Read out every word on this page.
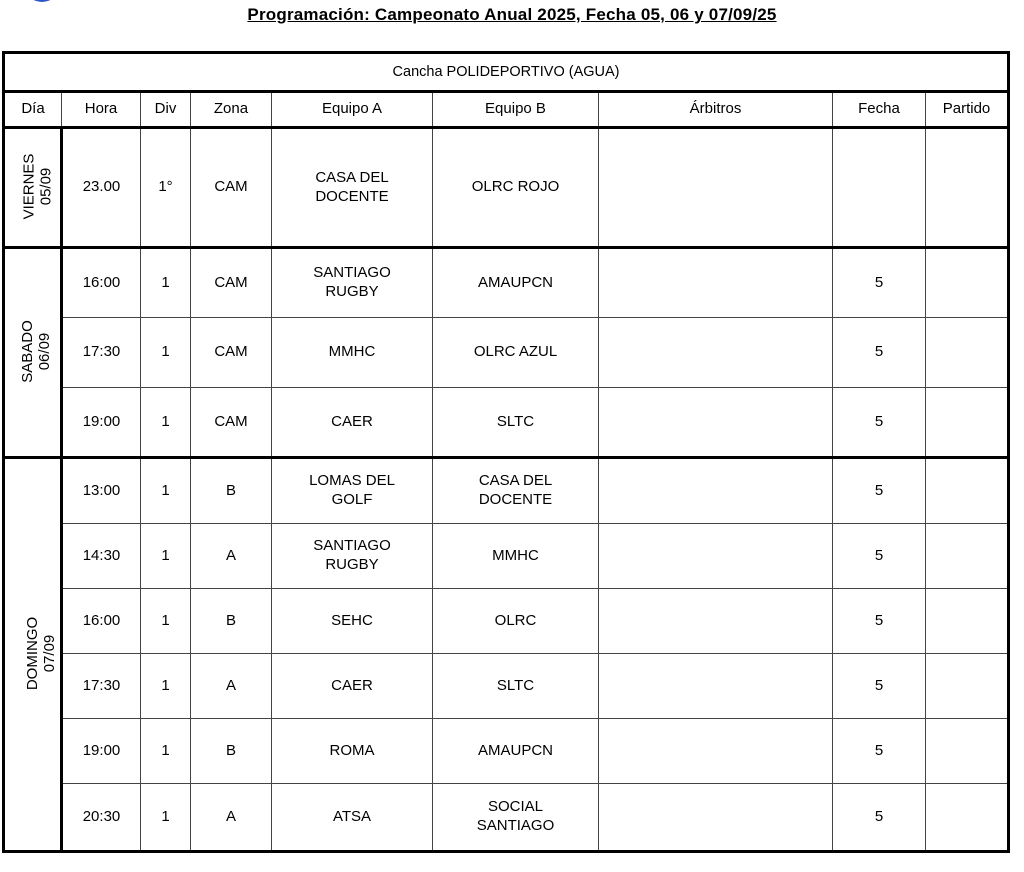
Programación: Campeonato Anual 2025, Fecha 05, 06 y 07/09/25
Cancha POLIDEPORTIVO (AGUA)								
Día	Hora	Div	Zona	Equipo A	Equipo B	Árbitros	Fecha	Partido

VIERNES 05/09	23.00	1°	CAM	CASA DEL DOCENTE	OLRC ROJO			

SABADO 06/09	16:00	1	CAM	SANTIAGO RUGBY	AMAUPCN		5	
	17:30	1	CAM	MMHC	OLRC AZUL		5	
	19:00	1	CAM	CAER	SLTC		5	

DOMINGO 07/09	13:00	1	B	LOMAS DEL GOLF	CASA DEL DOCENTE		5	
	14:30	1	A	SANTIAGO RUGBY	MMHC		5	
	16:00	1	B	SEHC	OLRC		5	
	17:30	1	A	CAER	SLTC		5	
	19:00	1	B	ROMA	AMAUPCN		5	
	20:30	1	A	ATSA	SOCIAL SANTIAGO		5	
